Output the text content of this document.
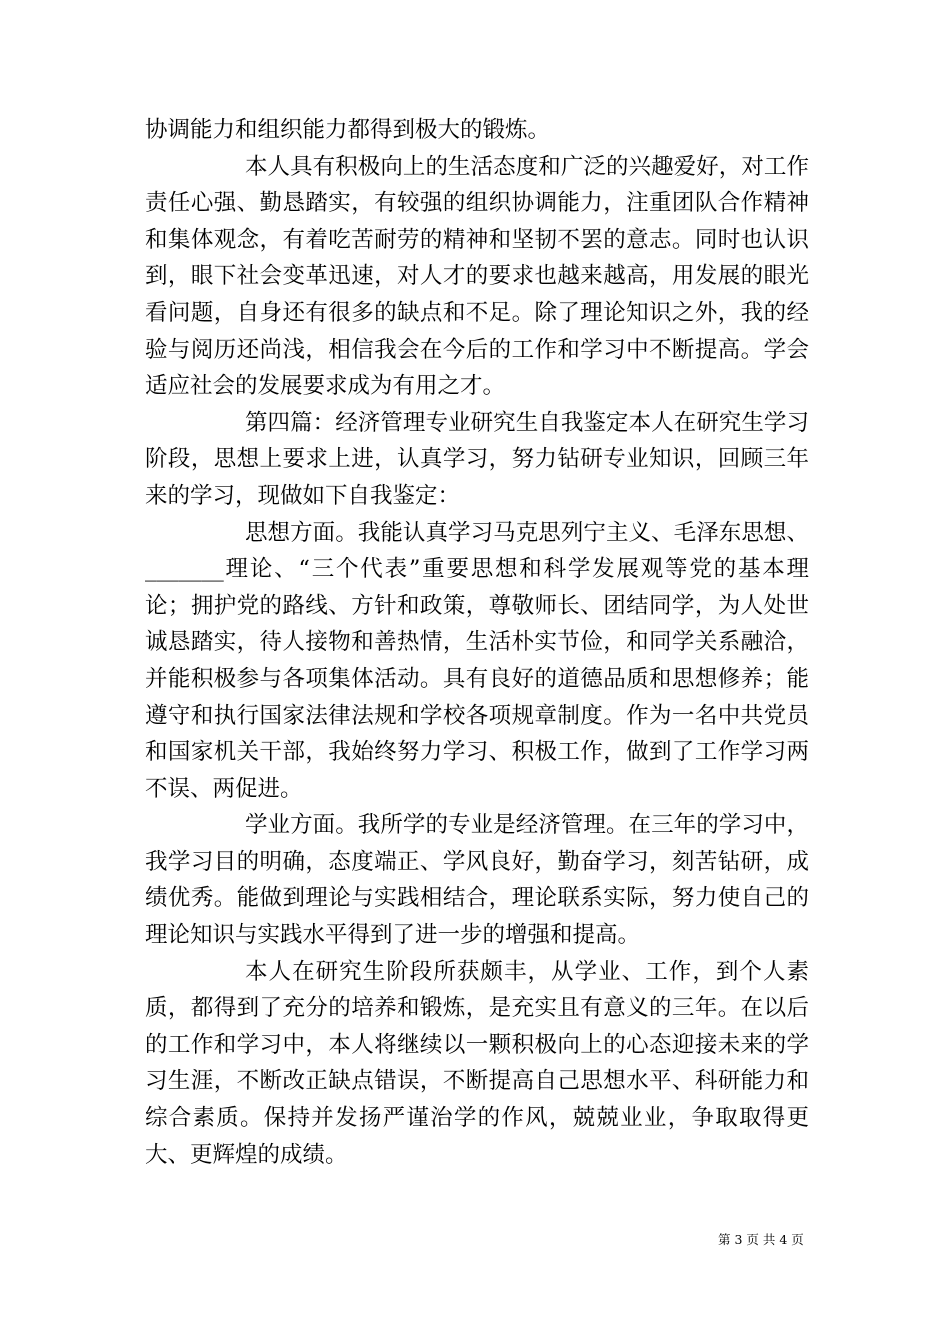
协调能力和组织能力都得到极大的锻炼。

本人具有积极向上的生活态度和广泛的兴趣爱好，对工作责任心强、勤恳踏实，有较强的组织协调能力，注重团队合作精神和集体观念，有着吃苦耐劳的精神和坚韧不罢的意志。同时也认识到，眼下社会变革迅速，对人才的要求也越来越高，用发展的眼光看问题，自身还有很多的缺点和不足。除了理论知识之外，我的经验与阅历还尚浅，相信我会在今后的工作和学习中不断提高。学会适应社会的发展要求成为有用之才。

第四篇：经济管理专业研究生自我鉴定本人在研究生学习阶段，思想上要求上进，认真学习，努力钻研专业知识，回顾三年来的学习，现做如下自我鉴定：

思想方面。我能认真学习马克思列宁主义、毛泽东思想、_______理论、“三个代表”重要思想和科学发展观等党的基本理论；拥护党的路线、方针和政策，尊敬师长、团结同学，为人处世诚恳踏实，待人接物和善热情，生活朴实节俭，和同学关系融洽，并能积极参与各项集体活动。具有良好的道德品质和思想修养；能遵守和执行国家法律法规和学校各项规章制度。作为一名中共党员和国家机关干部，我始终努力学习、积极工作，做到了工作学习两不误、两促进。

学业方面。我所学的专业是经济管理。在三年的学习中，我学习目的明确，态度端正、学风良好，勤奋学习，刻苦钻研，成绩优秀。能做到理论与实践相结合，理论联系实际，努力使自己的理论知识与实践水平得到了进一步的增强和提高。

本人在研究生阶段所获颇丰，从学业、工作，到个人素质，都得到了充分的培养和锻炼，是充实且有意义的三年。在以后的工作和学习中，本人将继续以一颗积极向上的心态迎接未来的学习生涯，不断改正缺点错误，不断提高自己思想水平、科研能力和综合素质。保持并发扬严谨治学的作风，兢兢业业，争取取得更大、更辉煌的成绩。

第 3 页 共 4 页
